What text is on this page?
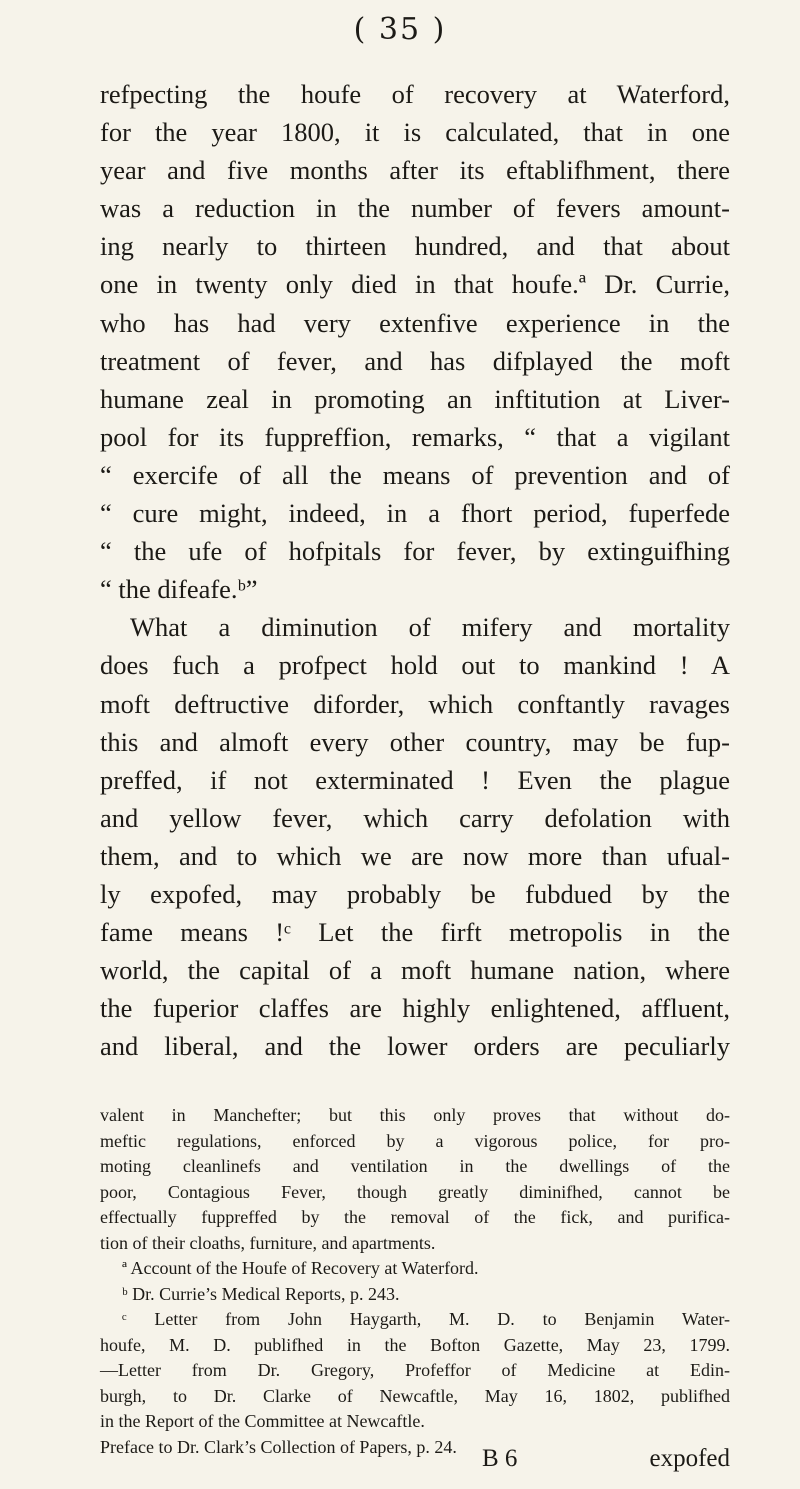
( 35 )
refpecting the houfe of recovery at Waterford,
for the year 1800, it is calculated, that in one
year and five months after its eftablifhment, there
was a reduction in the number of fevers amount-
ing nearly to thirteen hundred, and that about
one in twenty only died in that houfe.ª Dr. Currie,
who has had very extenfive experience in the
treatment of fever, and has difplayed the moft
humane zeal in promoting an inftitution at Liver-
pool for its fuppreffion, remarks, “ that a vigilant
“ exercife of all the means of prevention and of
“ cure might, indeed, in a fhort period, fuperfede
“ the ufe of hofpitals for fever, by extinguifhing
“ the difeafe.ᵇ”
What a diminution of mifery and mortality
does fuch a profpect hold out to mankind ! A
moft deftructive diforder, which conftantly ravages
this and almoft every other country, may be fup-
preffed, if not exterminated ! Even the plague
and yellow fever, which carry defolation with
them, and to which we are now more than ufual-
ly expofed, may probably be fubdued by the
fame means !ᶜ Let the firft metropolis in the
world, the capital of a moft humane nation, where
the fuperior claffes are highly enlightened, affluent,
and liberal, and the lower orders are peculiarly
valent in Manchefter; but this only proves that without do-
meftic regulations, enforced by a vigorous police, for pro-
moting cleanlinefs and ventilation in the dwellings of the
poor, Contagious Fever, though greatly diminifhed, cannot be
effectually fuppreffed by the removal of the fick, and purifica-
tion of their cloaths, furniture, and apartments.
ª Account of the Houfe of Recovery at Waterford.
ᵇ Dr. Currie’s Medical Reports, p. 243.
ᶜ Letter from John Haygarth, M. D. to Benjamin Water-
houfe, M. D. publifhed in the Bofton Gazette, May 23, 1799.
—Letter from Dr. Gregory, Profeffor of Medicine at Edin-
burgh, to Dr. Clarke of Newcaftle, May 16, 1802, publifhed
in the Report of the Committee at Newcaftle.
Preface to Dr. Clark’s Collection of Papers, p. 24.	B 6	expofed
